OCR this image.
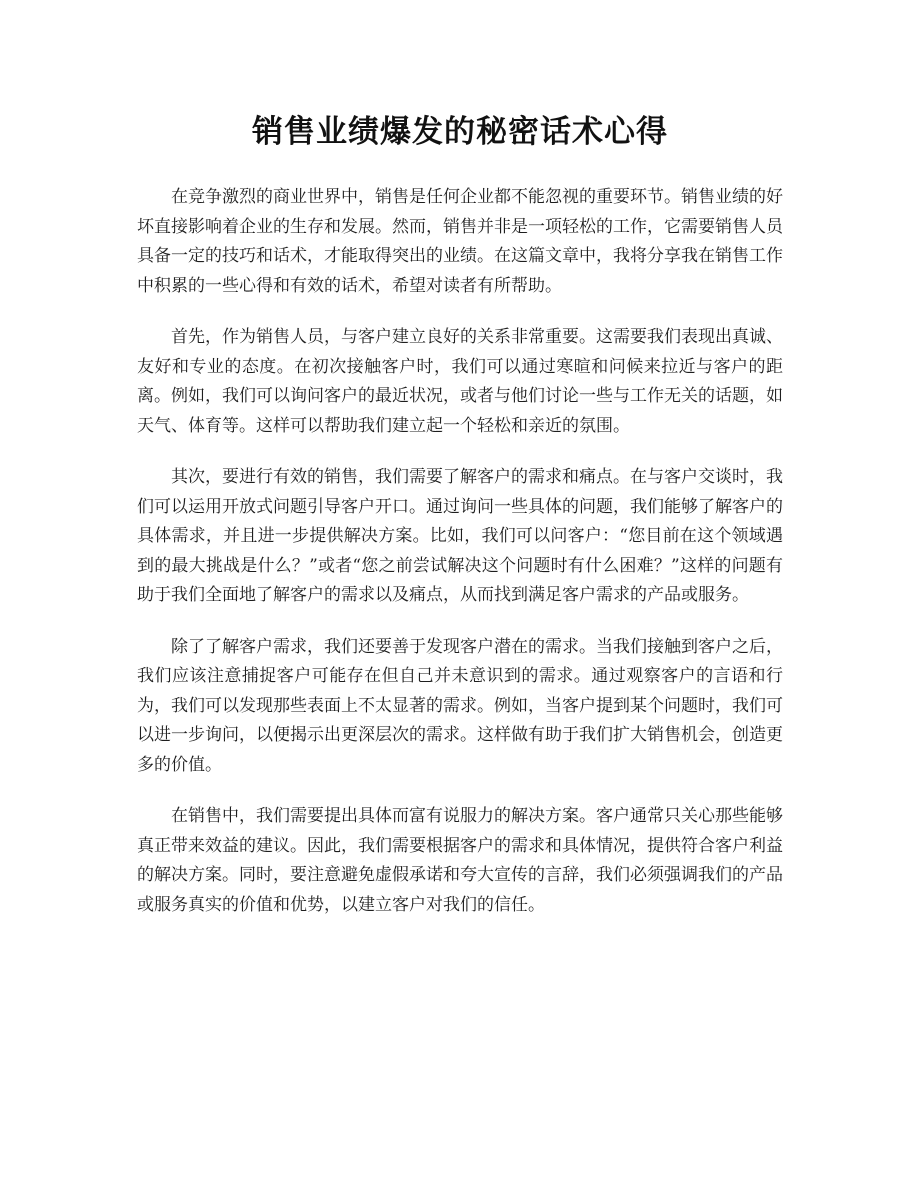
销售业绩爆发的秘密话术心得

在竞争激烈的商业世界中，销售是任何企业都不能忽视的重要环节。销售业绩的好坏直接影响着企业的生存和发展。然而，销售并非是一项轻松的工作，它需要销售人员具备一定的技巧和话术，才能取得突出的业绩。在这篇文章中，我将分享我在销售工作中积累的一些心得和有效的话术，希望对读者有所帮助。

首先，作为销售人员，与客户建立良好的关系非常重要。这需要我们表现出真诚、友好和专业的态度。在初次接触客户时，我们可以通过寒暄和问候来拉近与客户的距离。例如，我们可以询问客户的最近状况，或者与他们讨论一些与工作无关的话题，如天气、体育等。这样可以帮助我们建立起一个轻松和亲近的氛围。

其次，要进行有效的销售，我们需要了解客户的需求和痛点。在与客户交谈时，我们可以运用开放式问题引导客户开口。通过询问一些具体的问题，我们能够了解客户的具体需求，并且进一步提供解决方案。比如，我们可以问客户：“您目前在这个领域遇到的最大挑战是什么？”或者“您之前尝试解决这个问题时有什么困难？”这样的问题有助于我们全面地了解客户的需求以及痛点，从而找到满足客户需求的产品或服务。

除了了解客户需求，我们还要善于发现客户潜在的需求。当我们接触到客户之后，我们应该注意捕捉客户可能存在但自己并未意识到的需求。通过观察客户的言语和行为，我们可以发现那些表面上不太显著的需求。例如，当客户提到某个问题时，我们可以进一步询问，以便揭示出更深层次的需求。这样做有助于我们扩大销售机会，创造更多的价值。

在销售中，我们需要提出具体而富有说服力的解决方案。客户通常只关心那些能够真正带来效益的建议。因此，我们需要根据客户的需求和具体情况，提供符合客户利益的解决方案。同时，要注意避免虚假承诺和夸大宣传的言辞，我们必须强调我们的产品或服务真实的价值和优势，以建立客户对我们的信任。
